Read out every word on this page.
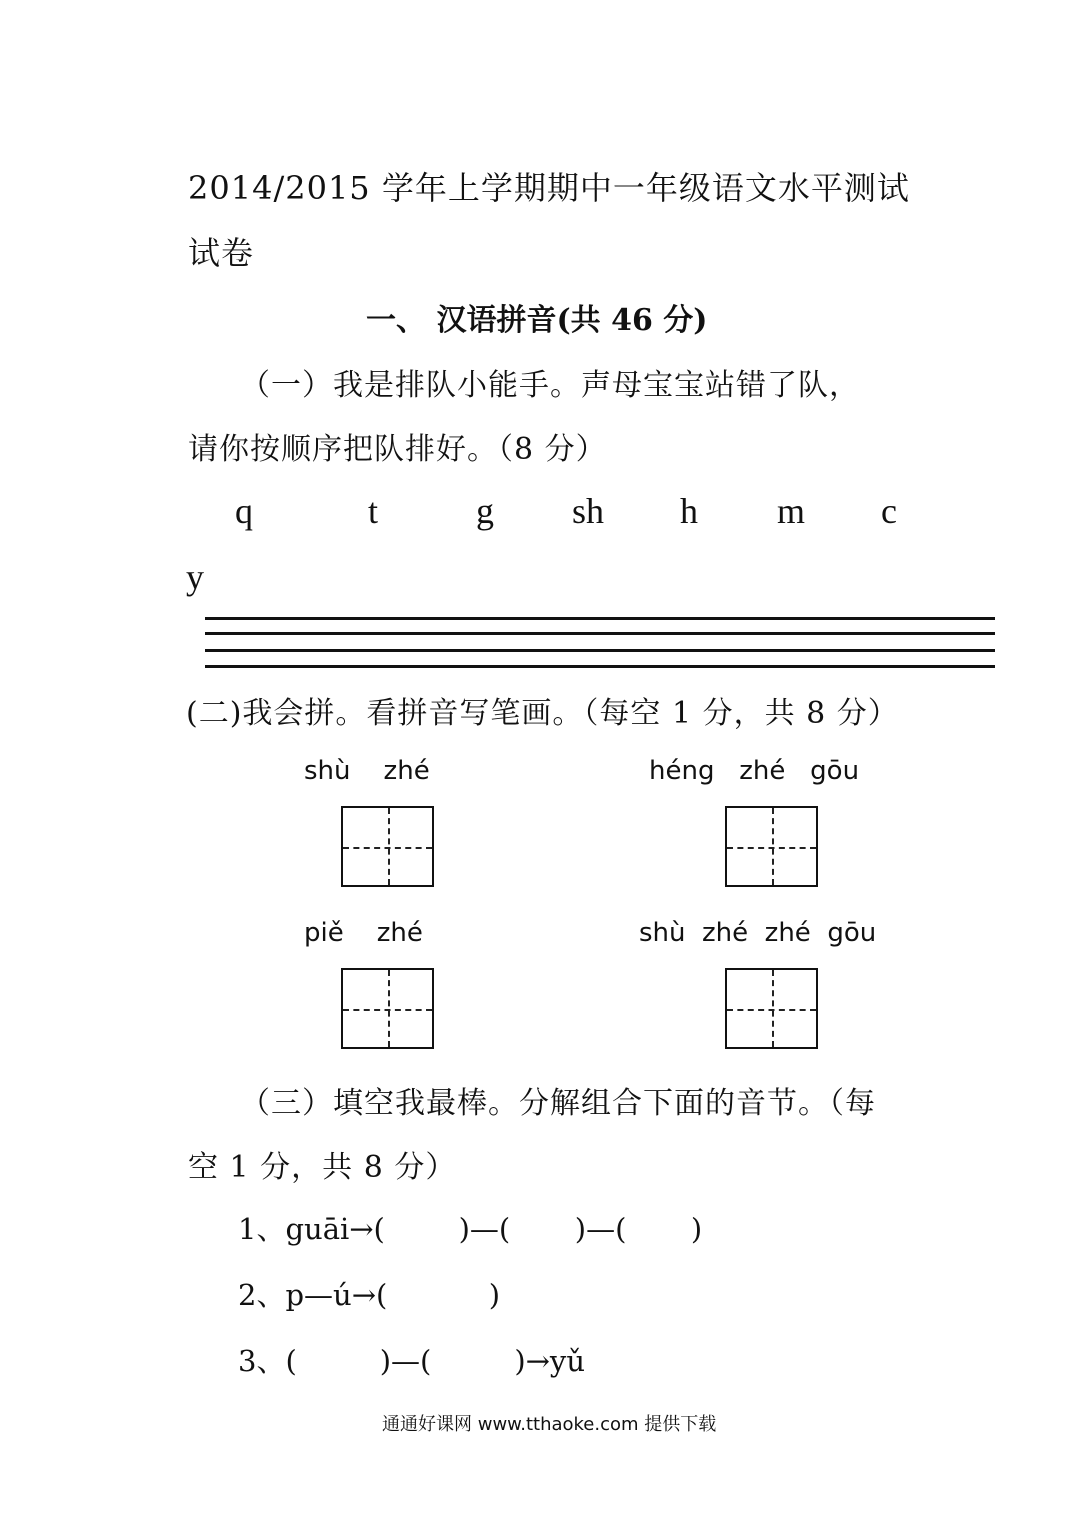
2014/2015 学年上学期期中一年级语文水平测试
试卷
一、 汉语拼音(共 46 分)
（一）我是排队小能手。声母宝宝站错了队，
请你按顺序把队排好。（8 分）
q	t	g sh h m c
y
(二)我会拼。看拼音写笔画。（每空 1 分，共 8 分）
shù    zhé	héng   zhé   gōu
piě    zhé	shù  zhé  zhé  gōu
（三）填空我最棒。分解组合下面的音节。（每
空 1 分，共 8 分）
1、guāi→(        )—(       )—(       )
2、p—ú→(           )
3、(         )—(         )→yǔ
通通好课网 www.tthaoke.com 提供下载
